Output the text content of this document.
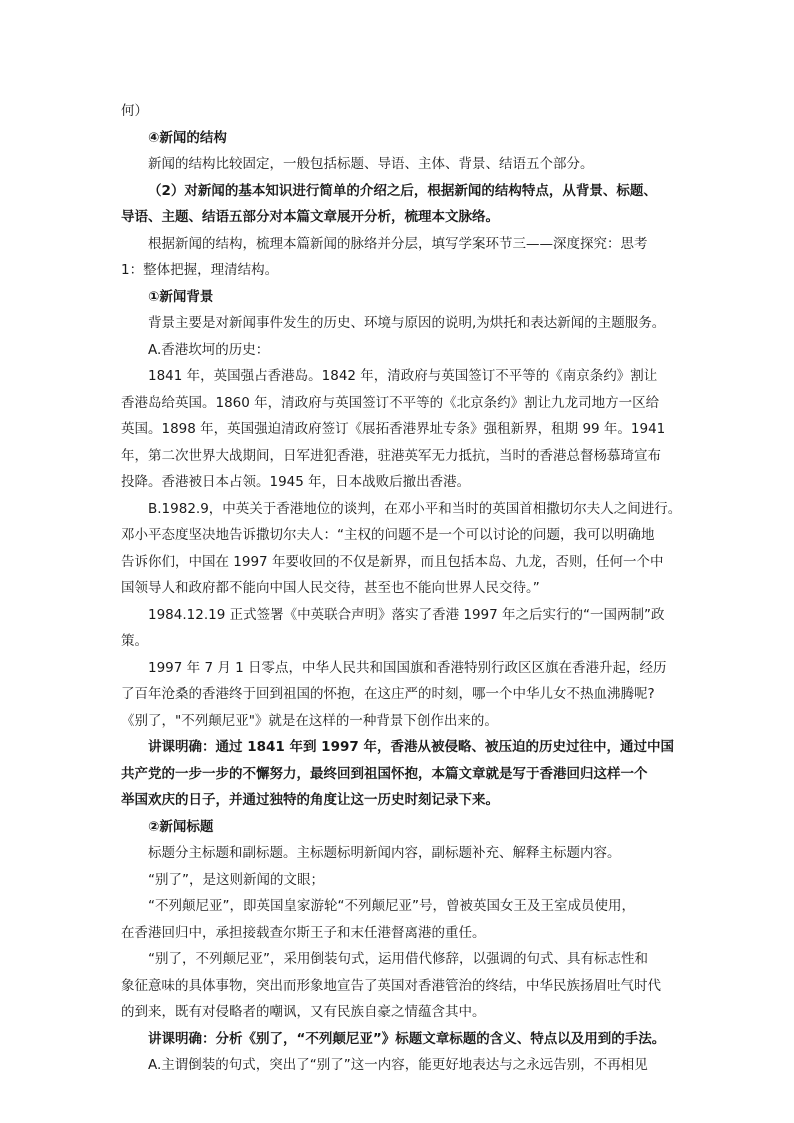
何）
④新闻的结构
新闻的结构比较固定，一般包括标题、导语、主体、背景、结语五个部分。
（2）对新闻的基本知识进行简单的介绍之后，根据新闻的结构特点，从背景、标题、
导语、主题、结语五部分对本篇文章展开分析，梳理本文脉络。
根据新闻的结构，梳理本篇新闻的脉络并分层，填写学案环节三——深度探究：思考
1：整体把握，理清结构。
①新闻背景
背景主要是对新闻事件发生的历史、环境与原因的说明,为烘托和表达新闻的主题服务。
A.香港坎坷的历史：
1841 年，英国强占香港岛。1842 年，清政府与英国签订不平等的《南京条约》割让
香港岛给英国。1860 年，清政府与英国签订不平等的《北京条约》割让九龙司地方一区给
英国。1898 年，英国强迫清政府签订《展拓香港界址专条》强租新界，租期 99 年。1941
年，第二次世界大战期间，日军进犯香港，驻港英军无力抵抗，当时的香港总督杨慕琦宣布
投降。香港被日本占领。1945 年，日本战败后撤出香港。
B.1982.9，中英关于香港地位的谈判，在邓小平和当时的英国首相撒切尔夫人之间进行。
邓小平态度坚决地告诉撒切尔夫人：“主权的问题不是一个可以讨论的问题，我可以明确地
告诉你们，中国在 1997 年要收回的不仅是新界，而且包括本岛、九龙，否则，任何一个中
国领导人和政府都不能向中国人民交待，甚至也不能向世界人民交待。”
1984.12.19 正式签署《中英联合声明》落实了香港 1997 年之后实行的“一国两制”政
策。
1997 年 7 月 1 日零点，中华人民共和国国旗和香港特别行政区区旗在香港升起，经历
了百年沧桑的香港终于回到祖国的怀抱，在这庄严的时刻，哪一个中华儿女不热血沸腾呢?
《别了，"不列颠尼亚"》就是在这样的一种背景下创作出来的。
讲课明确：通过 1841 年到 1997 年，香港从被侵略、被压迫的历史过往中，通过中国
共产党的一步一步的不懈努力，最终回到祖国怀抱，本篇文章就是写于香港回归这样一个
举国欢庆的日子，并通过独特的角度让这一历史时刻记录下来。
②新闻标题
标题分主标题和副标题。主标题标明新闻内容，副标题补充、解释主标题内容。
“别了”，是这则新闻的文眼；
“不列颠尼亚”，即英国皇家游轮“不列颠尼亚”号，曾被英国女王及王室成员使用，
在香港回归中，承担接载查尔斯王子和末任港督离港的重任。
“别了，不列颠尼亚”，采用倒装句式，运用借代修辞，以强调的句式、具有标志性和
象征意味的具体事物，突出而形象地宣告了英国对香港管治的终结，中华民族扬眉吐气时代
的到来，既有对侵略者的嘲讽，又有民族自豪之情蕴含其中。
讲课明确：分析《别了，“不列颠尼亚”》标题文章标题的含义、特点以及用到的手法。
A.主谓倒装的句式，突出了“别了”这一内容，能更好地表达与之永远告别，不再相见
